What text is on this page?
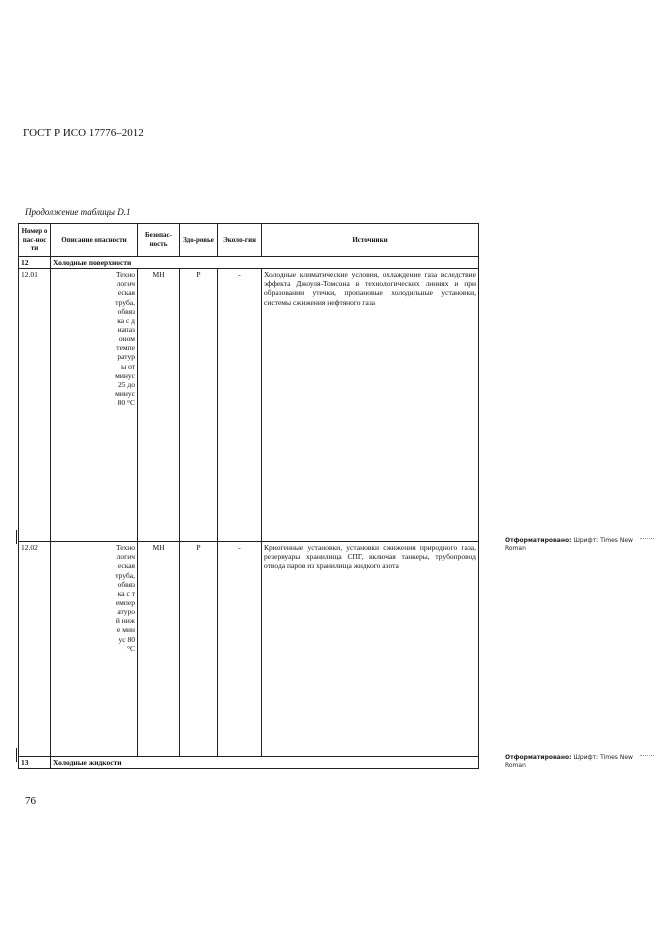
ГОСТ Р ИСО 17776–2012
Продолжение таблицы D.1
Номер опас-ности	Описание опасности	Безопас-ность	Здо-ровье	Эколо-гия	Источники
12	Холодные поверхности				
12.01	Технологическая труба, обвязка с диапазоном температуры от минус 25 до минус 80 °С	МН	Р	-	Холодные климатические условия, охлаждение газа вследствие эффекта Джоуля-Томсона в технологических линиях и при образовании утечки, пропановые холодильные установки, системы сжижения нефтяного газа
12.02	Технологическая труба, обвязка с температурой ниже минус 80 °С	МН	Р	-	Криогенные установки, установки сжижения природного газа, резервуары хранилища СПГ, включая танкеры, трубопровод отвода паров из хранилища жидкого азота
13	Холодные жидкости				
Отформатировано: Шрифт: Times New Roman
Отформатировано: Шрифт: Times New Roman
76
